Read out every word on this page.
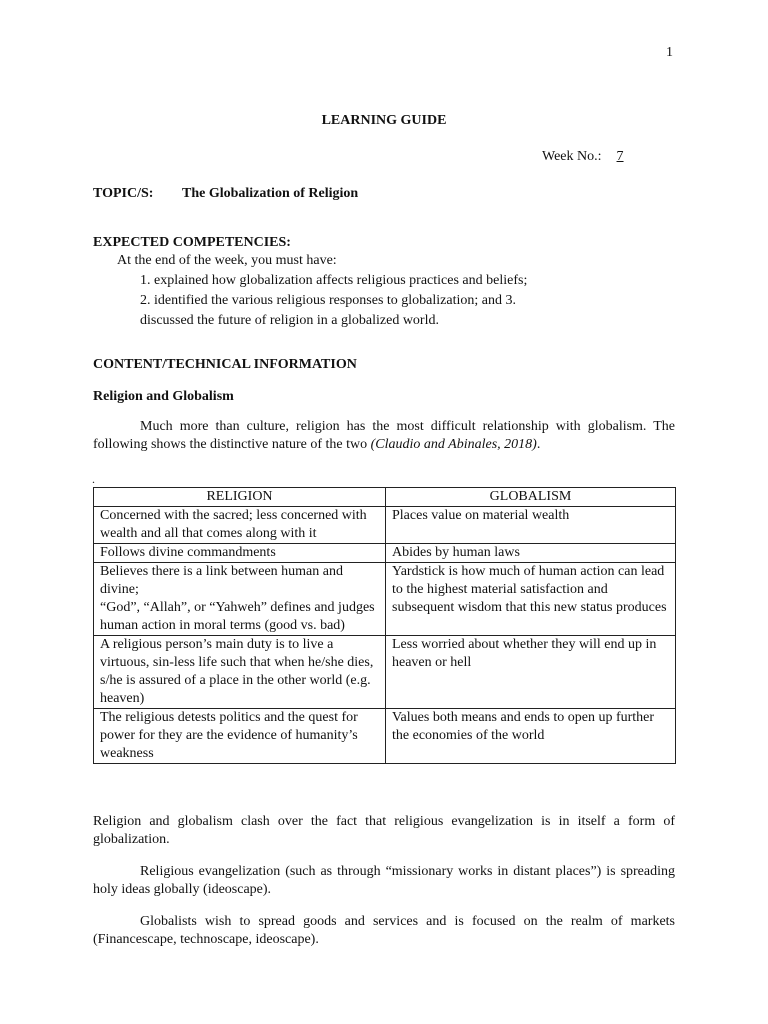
1
LEARNING GUIDE
Week No.: 7
TOPIC/S: The Globalization of Religion
EXPECTED COMPETENCIES:
At the end of the week, you must have:
1. explained how globalization affects religious practices and beliefs;
2. identified the various religious responses to globalization; and 3.
discussed the future of religion in a globalized world.
CONTENT/TECHNICAL INFORMATION
Religion and Globalism
Much more than culture, religion has the most difficult relationship with globalism. The following shows the distinctive nature of the two (Claudio and Abinales, 2018).
.
RELIGION	GLOBALISM
Concerned with the sacred; less concerned with wealth and all that comes along with it	Places value on material wealth
Follows divine commandments	Abides by human laws
Believes there is a link between human and divine;
“God”, “Allah”, or “Yahweh” defines and judges human action in moral terms (good vs. bad)	Yardstick is how much of human action can lead to the highest material satisfaction and subsequent wisdom that this new status produces
A religious person’s main duty is to live a virtuous, sin-less life such that when he/she dies, s/he is assured of a place in the other world (e.g. heaven)	Less worried about whether they will end up in heaven or hell
The religious detests politics and the quest for power for they are the evidence of humanity’s weakness	Values both means and ends to open up further the economies of the world
Religion and globalism clash over the fact that religious evangelization is in itself a form of globalization.
Religious evangelization (such as through “missionary works in distant places”) is spreading holy ideas globally (ideoscape).
Globalists wish to spread goods and services and is focused on the realm of markets (Financescape, technoscape, ideoscape).
